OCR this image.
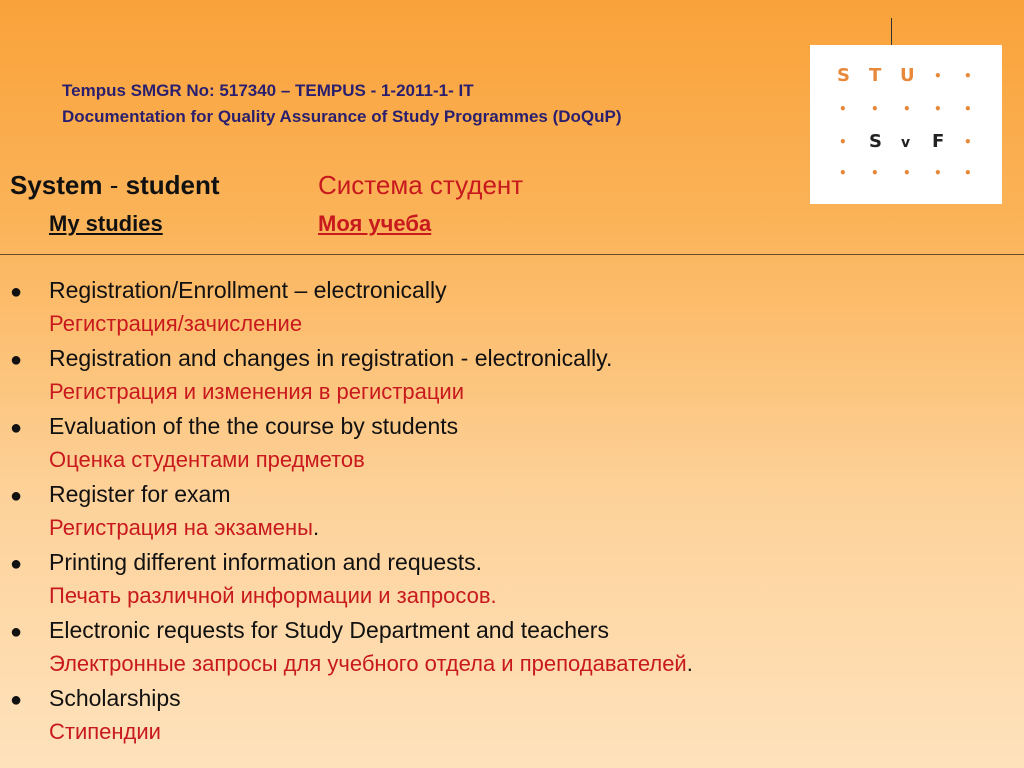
Tempus SMGR No: 517340 – TEMPUS - 1-2011-1- IT
Documentation for Quality Assurance of Study Programmes (DoQuP)
S T U • •
• • • • •
• S v F •
• • • • •
System - student	Система студент
My studies	Моя учеба
● Registration/Enrollment – electronically
Регистрация/зачисление
● Registration and changes in registration - electronically.
Регистрация и изменения в регистрации
● Evaluation of the the course by students
Оценка студентами предметов
● Register for exam
Регистрация на экзамены.
● Printing different information and requests.
Печать различной информации и запросов.
● Electronic requests for Study Department and teachers
Электронные запросы для учебного отдела и преподавателей.
● Scholarships
Стипендии
